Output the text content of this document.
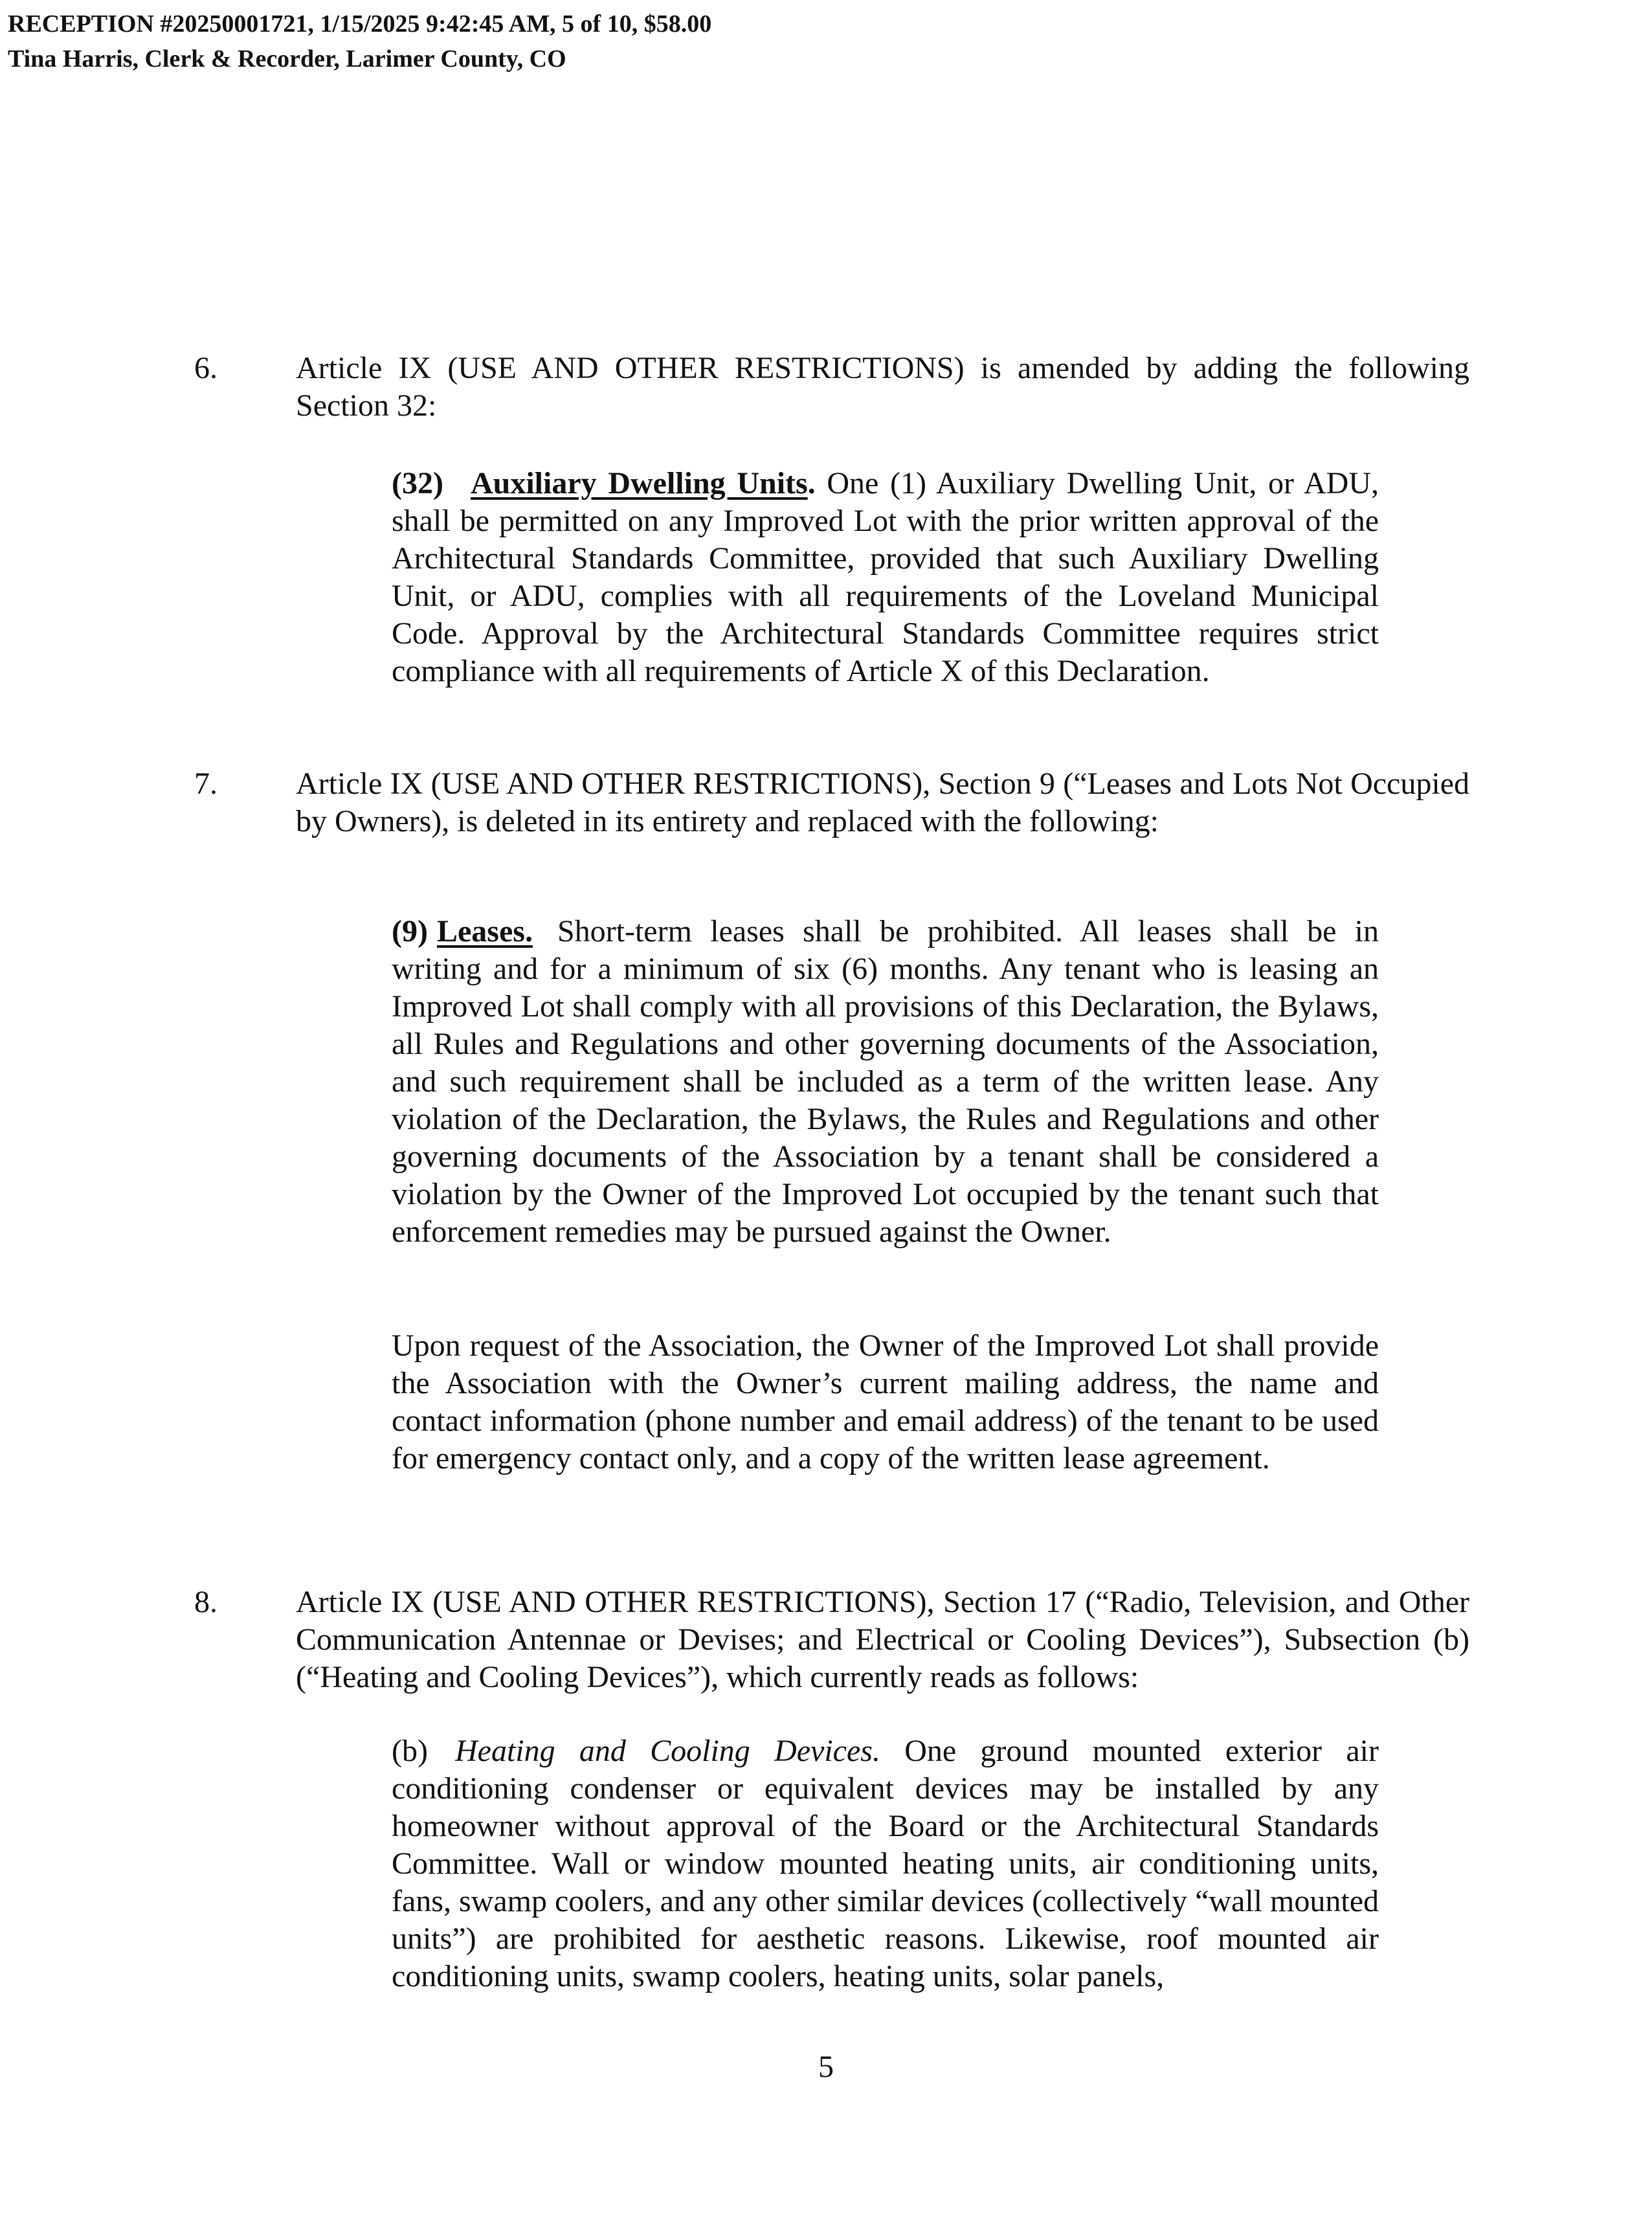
RECEPTION #20250001721, 1/15/2025 9:42:45 AM, 5 of 10, $58.00
Tina Harris, Clerk & Recorder, Larimer County, CO
6.	Article IX (USE AND OTHER RESTRICTIONS) is amended by adding the following Section 32:
(32) Auxiliary Dwelling Units. One (1) Auxiliary Dwelling Unit, or ADU, shall be permitted on any Improved Lot with the prior written approval of the Architectural Standards Committee, provided that such Auxiliary Dwelling Unit, or ADU, complies with all requirements of the Loveland Municipal Code. Approval by the Architectural Standards Committee requires strict compliance with all requirements of Article X of this Declaration.
7.	Article IX (USE AND OTHER RESTRICTIONS), Section 9 (“Leases and Lots Not Occupied by Owners), is deleted in its entirety and replaced with the following:
(9) Leases. Short-term leases shall be prohibited. All leases shall be in writing and for a minimum of six (6) months. Any tenant who is leasing an Improved Lot shall comply with all provisions of this Declaration, the Bylaws, all Rules and Regulations and other governing documents of the Association, and such requirement shall be included as a term of the written lease. Any violation of the Declaration, the Bylaws, the Rules and Regulations and other governing documents of the Association by a tenant shall be considered a violation by the Owner of the Improved Lot occupied by the tenant such that enforcement remedies may be pursued against the Owner.
Upon request of the Association, the Owner of the Improved Lot shall provide the Association with the Owner’s current mailing address, the name and contact information (phone number and email address) of the tenant to be used for emergency contact only, and a copy of the written lease agreement.
8.	Article IX (USE AND OTHER RESTRICTIONS), Section 17 (“Radio, Television, and Other Communication Antennae or Devises; and Electrical or Cooling Devices”), Subsection (b) (“Heating and Cooling Devices”), which currently reads as follows:
(b) Heating and Cooling Devices. One ground mounted exterior air conditioning condenser or equivalent devices may be installed by any homeowner without approval of the Board or the Architectural Standards Committee. Wall or window mounted heating units, air conditioning units, fans, swamp coolers, and any other similar devices (collectively “wall mounted units”) are prohibited for aesthetic reasons. Likewise, roof mounted air conditioning units, swamp coolers, heating units, solar panels,
5
